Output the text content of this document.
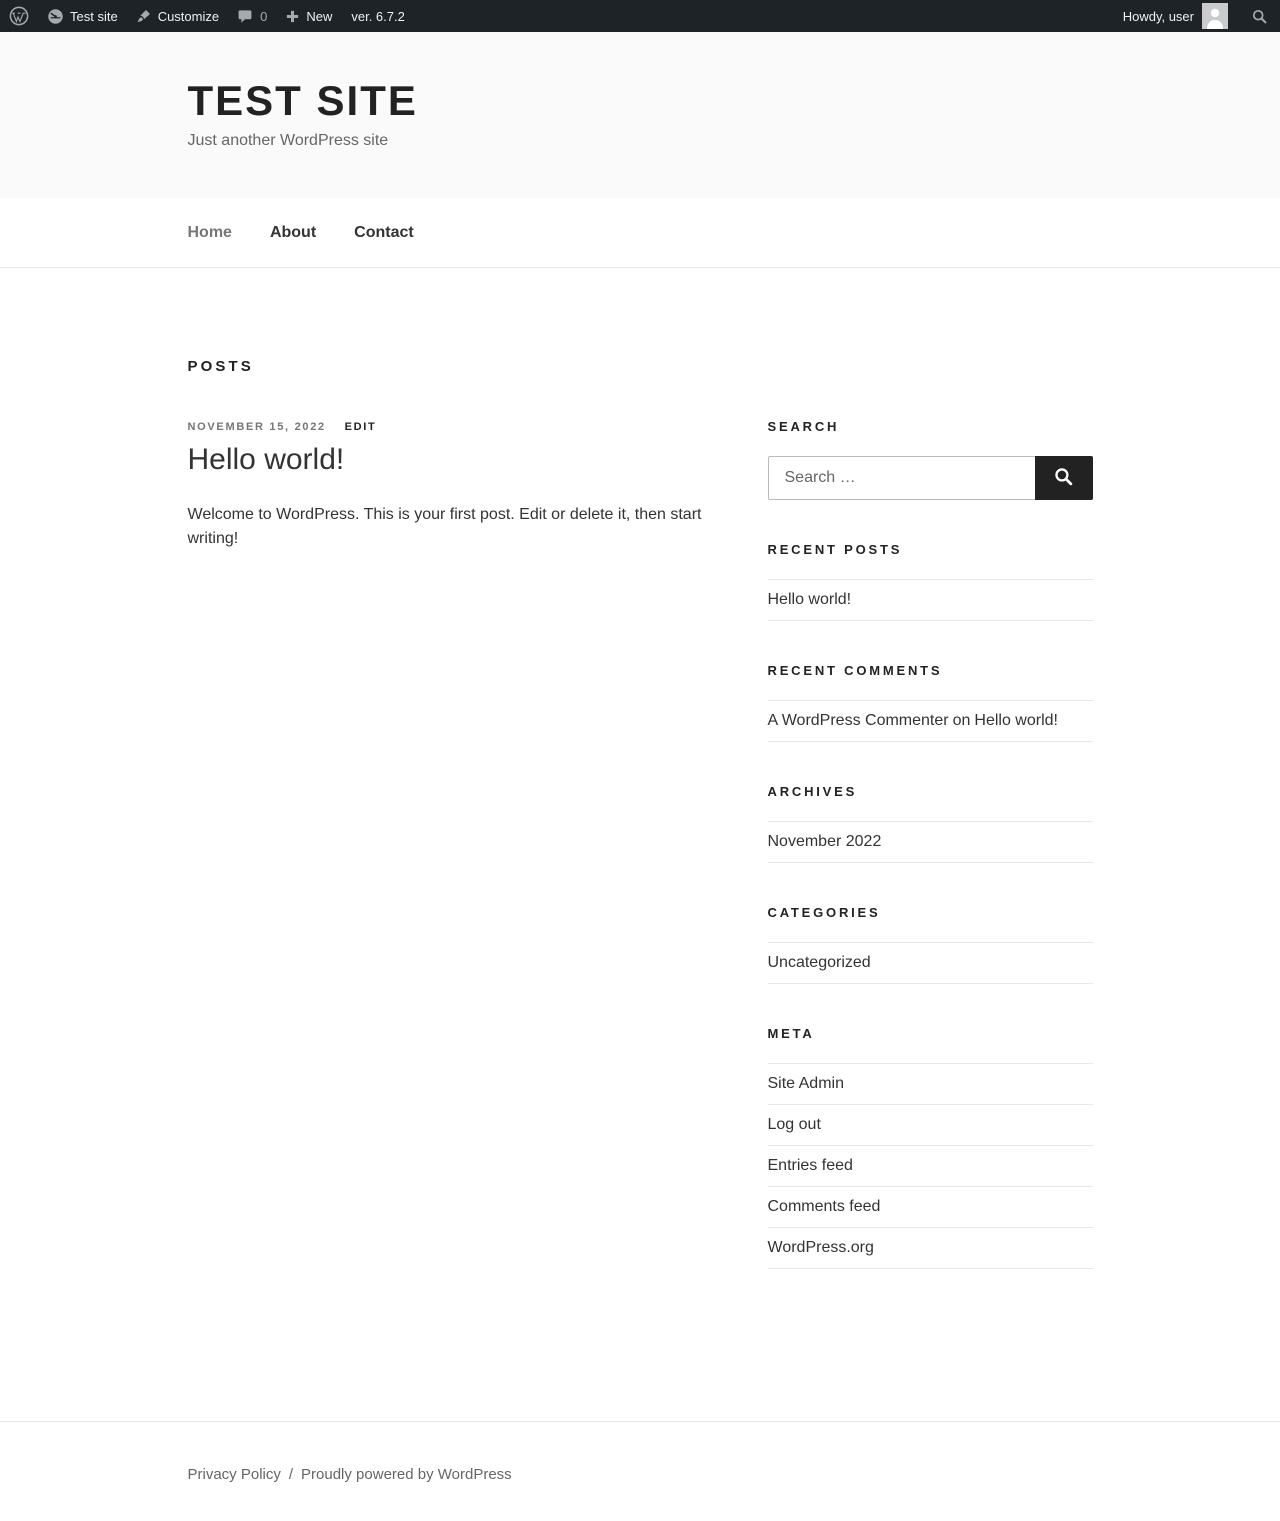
Test site	Customize	0	New	ver. 6.7.2	Howdy, user
TEST SITE

Just another WordPress site

Home About Contact
POSTS
NOVEMBER 15, 2022 EDIT
Hello world!

Welcome to WordPress. This is your first post. Edit or delete it, then start writing!

SEARCH
Search …
RECENT POSTS
Hello world!
RECENT COMMENTS
A WordPress Commenter on Hello world!
ARCHIVES
November 2022
CATEGORIES
Uncategorized
META
Site Admin
Log out
Entries feed
Comments feed
WordPress.org
Privacy Policy / Proudly powered by WordPress
